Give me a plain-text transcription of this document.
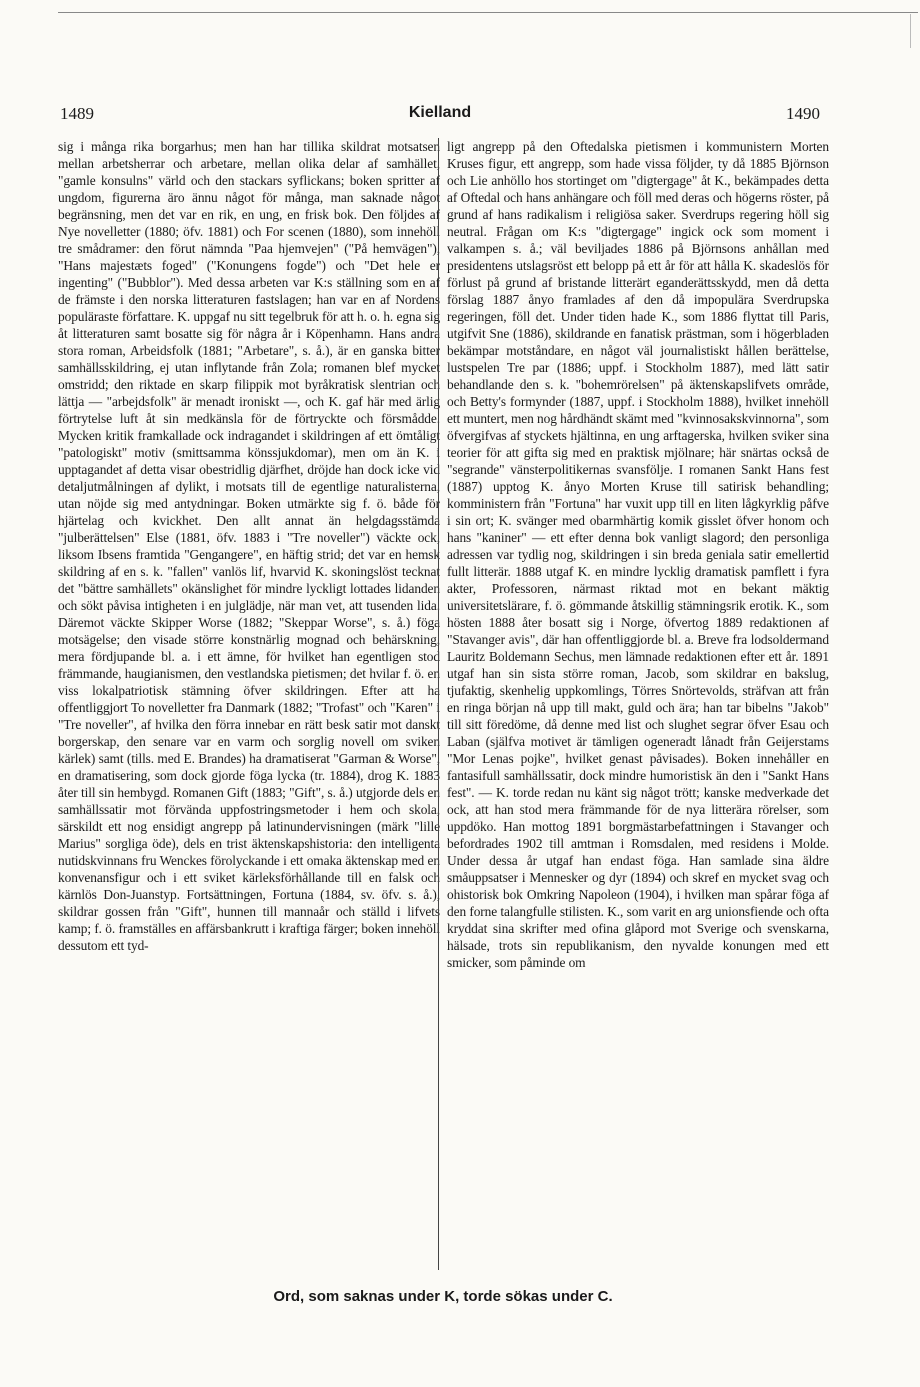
1489	Kielland	1490

sig i många rika borgarhus; men han har tillika skildrat motsatsen mellan arbetsherrar och arbetare, mellan olika delar af samhället, "gamle konsulns" värld och den stackars syflickans; boken spritter af ungdom, figurerna äro ännu något för många, man saknade något begränsning, men det var en rik, en ung, en frisk bok. Den följdes af Nye novelletter (1880; öfv. 1881) och For scenen (1880), som innehöll tre smådramer: den förut nämnda "Paa hjemvejen" ("På hemvägen"), "Hans majestæts foged" ("Konungens fogde") och "Det hele er ingenting" ("Bubblor"). Med dessa arbeten var K:s ställning som en af de främste i den norska litteraturen fastslagen; han var en af Nordens populäraste författare. K. uppgaf nu sitt tegelbruk för att h. o. h. egna sig åt litteraturen samt bosatte sig för några år i Köpenhamn. Hans andra stora roman, Arbeidsfolk (1881; "Arbetare", s. å.), är en ganska bitter samhällsskildring, ej utan inflytande från Zola; romanen blef mycket omstridd; den riktade en skarp filippik mot byråkratisk slentrian och lättja — "arbejdsfolk" är menadt ironiskt —, och K. gaf här med ärlig förtrytelse luft åt sin medkänsla för de förtryckte och försmådde. Mycken kritik framkallade ock indragandet i skildringen af ett ömtåligt "patologiskt" motiv (smittsamma könssjukdomar), men om än K. i upptagandet af detta visar obestridlig djärfhet, dröjde han dock icke vid detaljutmålningen af dylikt, i motsats till de egentlige naturalisterna, utan nöjde sig med antydningar. Boken utmärkte sig f. ö. både för hjärtelag och kvickhet. Den allt annat än helgdagsstämda "julberättelsen" Else (1881, öfv. 1883 i "Tre noveller") väckte ock, liksom Ibsens framtida "Gengangere", en häftig strid; det var en hemsk skildring af en s. k. "fallen" vanlös lif, hvarvid K. skoningslöst tecknat det "bättre samhällets" okänslighet för mindre lyckligt lottades lidanden och sökt påvisa intigheten i en julglädje, när man vet, att tusenden lida. Däremot väckte Skipper Worse (1882; "Skeppar Worse", s. å.) föga motsägelse; den visade större konstnärlig mognad och behärskning, mera fördjupande bl. a. i ett ämne, för hvilket han egentligen stod främmande, haugianismen, den vestlandska pietismen; det hvilar f. ö. en viss lokalpatriotisk stämning öfver skildringen. Efter att ha offentliggjort To novelletter fra Danmark (1882; "Trofast" och "Karen" i "Tre noveller", af hvilka den förra innebar en rätt besk satir mot danskt borgerskap, den senare var en varm och sorglig novell om sviken kärlek) samt (tills. med E. Brandes) ha dramatiserat "Garman & Worse", en dramatisering, som dock gjorde föga lycka (tr. 1884), drog K. 1883 åter till sin hembygd. Romanen Gift (1883; "Gift", s. å.) utgjorde dels en samhällssatir mot förvända uppfostringsmetoder i hem och skola, särskildt ett nog ensidigt angrepp på latinundervisningen (märk "lille Marius" sorgliga öde), dels en trist äktenskapshistoria: den intelligenta nutidskvinnans fru Wenckes förolyckande i ett omaka äktenskap med en konvenansfigur och i ett sviket kärleksförhållande till en falsk och kärnlös Don-Juanstyp. Fortsättningen, Fortuna (1884, sv. öfv. s. å.), skildrar gossen från "Gift", hunnen till mannaår och ställd i lifvets kamp; f. ö. framställes en affärsbankrutt i kraftiga färger; boken innehöll dessutom ett tyd-

ligt angrepp på den Oftedalska pietismen i kommunistern Morten Kruses figur, ett angrepp, som hade vissa följder, ty då 1885 Björnson och Lie anhöllo hos stortinget om "digtergage" åt K., bekämpades detta af Oftedal och hans anhängare och föll med deras och högerns röster, på grund af hans radikalism i religiösa saker. Sverdrups regering höll sig neutral. Frågan om K:s "digtergage" ingick ock som moment i valkampen s. å.; väl beviljades 1886 på Björnsons anhållan med presidentens utslagsröst ett belopp på ett år för att hålla K. skadeslös för förlust på grund af bristande litterärt eganderättsskydd, men då detta förslag 1887 ånyo framlades af den då impopulära Sverdrupska regeringen, föll det. Under tiden hade K., som 1886 flyttat till Paris, utgifvit Sne (1886), skildrande en fanatisk prästman, som i högerbladen bekämpar motståndare, en något väl journalistiskt hållen berättelse, lustspelen Tre par (1886; uppf. i Stockholm 1887), med lätt satir behandlande den s. k. "bohemrörelsen" på äktenskapslifvets område, och Betty's formynder (1887, uppf. i Stockholm 1888), hvilket innehöll ett muntert, men nog hårdhändt skämt med "kvinnosakskvinnorna", som öfvergifvas af styckets hjältinna, en ung arftagerska, hvilken sviker sina teorier för att gifta sig med en praktisk mjölnare; här snärtas också de "segrande" vänsterpolitikernas svansfölje. I romanen Sankt Hans fest (1887) upptog K. ånyo Morten Kruse till satirisk behandling; komministern från "Fortuna" har vuxit upp till en liten lågkyrklig påfve i sin ort; K. svänger med obarmhärtig komik gisslet öfver honom och hans "kaniner" — ett efter denna bok vanligt slagord; den personliga adressen var tydlig nog, skildringen i sin breda geniala satir emellertid fullt litterär. 1888 utgaf K. en mindre lycklig dramatisk pamflett i fyra akter, Professoren, närmast riktad mot en bekant mäktig universitetslärare, f. ö. gömmande åtskillig stämningsrik erotik. K., som hösten 1888 åter bosatt sig i Norge, öfvertog 1889 redaktionen af "Stavanger avis", där han offentliggjorde bl. a. Breve fra lodsoldermand Lauritz Boldemann Sechus, men lämnade redaktionen efter ett år. 1891 utgaf han sin sista större roman, Jacob, som skildrar en bakslug, tjufaktig, skenhelig uppkomlings, Törres Snörtevolds, sträfvan att från en ringa början nå upp till makt, guld och ära; han tar bibelns "Jakob" till sitt föredöme, då denne med list och slughet segrar öfver Esau och Laban (själfva motivet är tämligen ogeneradt lånadt från Geijerstams "Mor Lenas pojke", hvilket genast påvisades). Boken innehåller en fantasifull samhällssatir, dock mindre humoristisk än den i "Sankt Hans fest". — K. torde redan nu känt sig något trött; kanske medverkade det ock, att han stod mera främmande för de nya litterära rörelser, som uppdöko. Han mottog 1891 borgmästarbefattningen i Stavanger och befordrades 1902 till amtman i Romsdalen, med residens i Molde. Under dessa år utgaf han endast föga. Han samlade sina äldre småuppsatser i Mennesker og dyr (1894) och skref en mycket svag och ohistorisk bok Omkring Napoleon (1904), i hvilken man spårar föga af den forne talangfulle stilisten. K., som varit en arg unionsfiende och ofta kryddat sina skrifter med ofina glåpord mot Sverige och svenskarna, hälsade, trots sin republikanism, den nyvalde konungen med ett smicker, som påminde om

Ord, som saknas under K, torde sökas under C.
